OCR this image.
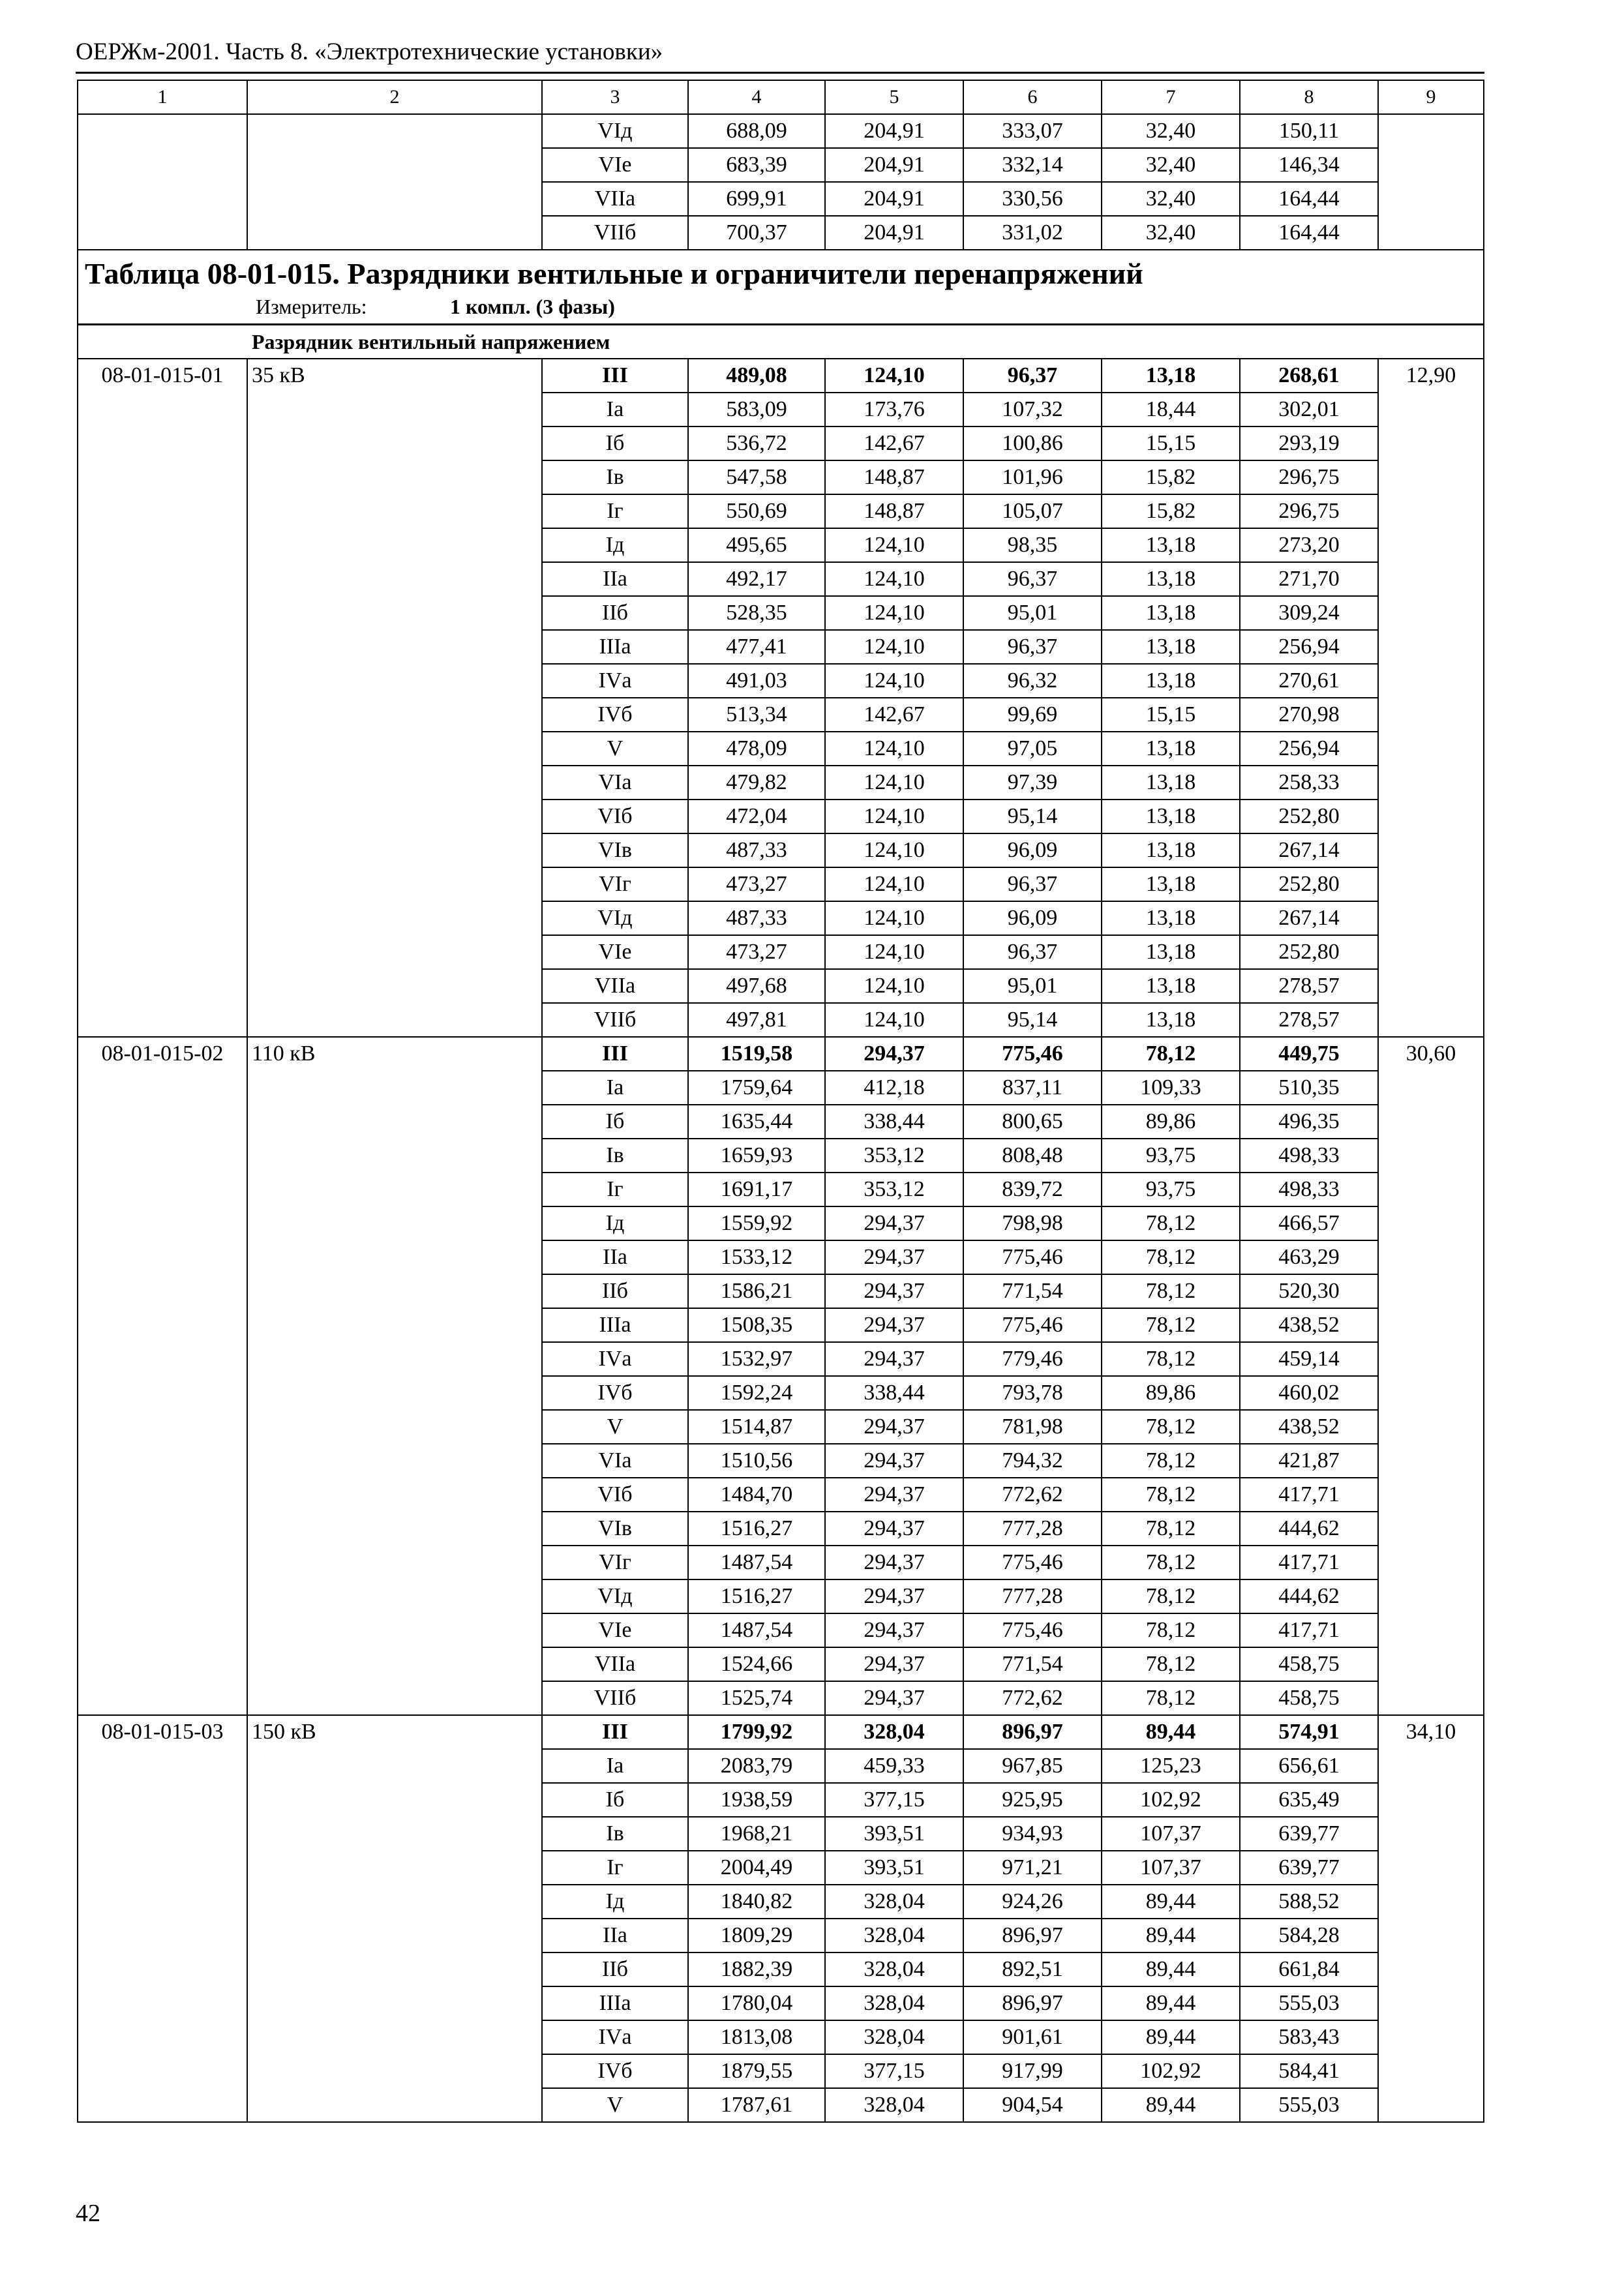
ОЕРЖм-2001. Часть 8. «Электротехнические установки»
1	2	3	4	5	6	7	8	9
		VIд	688,09	204,91	333,07	32,40	150,11	
		VIе	683,39	204,91	332,14	32,40	146,34	
		VIIа	699,91	204,91	330,56	32,40	164,44	
		VIIб	700,37	204,91	331,02	32,40	164,44	

Таблица 08-01-015. Разрядники вентильные и ограничители перенапряжений
Измеритель: 1 компл. (3 фазы)								

Разрядник вентильный напряжением								
08-01-015-01	35 кВ	III	489,08	124,10	96,37	13,18	268,61	12,90
		Iа	583,09	173,76	107,32	18,44	302,01	
		Iб	536,72	142,67	100,86	15,15	293,19	
		Iв	547,58	148,87	101,96	15,82	296,75	
		Iг	550,69	148,87	105,07	15,82	296,75	
		Iд	495,65	124,10	98,35	13,18	273,20	
		IIа	492,17	124,10	96,37	13,18	271,70	
		IIб	528,35	124,10	95,01	13,18	309,24	
		IIIа	477,41	124,10	96,37	13,18	256,94	
		IVа	491,03	124,10	96,32	13,18	270,61	
		IVб	513,34	142,67	99,69	15,15	270,98	
		V	478,09	124,10	97,05	13,18	256,94	
		VIа	479,82	124,10	97,39	13,18	258,33	
		VIб	472,04	124,10	95,14	13,18	252,80	
		VIв	487,33	124,10	96,09	13,18	267,14	
		VIг	473,27	124,10	96,37	13,18	252,80	
		VIд	487,33	124,10	96,09	13,18	267,14	
		VIе	473,27	124,10	96,37	13,18	252,80	
		VIIа	497,68	124,10	95,01	13,18	278,57	
		VIIб	497,81	124,10	95,14	13,18	278,57	
08-01-015-02	110 кВ	III	1519,58	294,37	775,46	78,12	449,75	30,60
		Iа	1759,64	412,18	837,11	109,33	510,35	
		Iб	1635,44	338,44	800,65	89,86	496,35	
		Iв	1659,93	353,12	808,48	93,75	498,33	
		Iг	1691,17	353,12	839,72	93,75	498,33	
		Iд	1559,92	294,37	798,98	78,12	466,57	
		IIа	1533,12	294,37	775,46	78,12	463,29	
		IIб	1586,21	294,37	771,54	78,12	520,30	
		IIIа	1508,35	294,37	775,46	78,12	438,52	
		IVа	1532,97	294,37	779,46	78,12	459,14	
		IVб	1592,24	338,44	793,78	89,86	460,02	
		V	1514,87	294,37	781,98	78,12	438,52	
		VIа	1510,56	294,37	794,32	78,12	421,87	
		VIб	1484,70	294,37	772,62	78,12	417,71	
		VIв	1516,27	294,37	777,28	78,12	444,62	
		VIг	1487,54	294,37	775,46	78,12	417,71	
		VIд	1516,27	294,37	777,28	78,12	444,62	
		VIе	1487,54	294,37	775,46	78,12	417,71	
		VIIа	1524,66	294,37	771,54	78,12	458,75	
		VIIб	1525,74	294,37	772,62	78,12	458,75	
08-01-015-03	150 кВ	III	1799,92	328,04	896,97	89,44	574,91	34,10
		Iа	2083,79	459,33	967,85	125,23	656,61	
		Iб	1938,59	377,15	925,95	102,92	635,49	
		Iв	1968,21	393,51	934,93	107,37	639,77	
		Iг	2004,49	393,51	971,21	107,37	639,77	
		Iд	1840,82	328,04	924,26	89,44	588,52	
		IIа	1809,29	328,04	896,97	89,44	584,28	
		IIб	1882,39	328,04	892,51	89,44	661,84	
		IIIа	1780,04	328,04	896,97	89,44	555,03	
		IVа	1813,08	328,04	901,61	89,44	583,43	
		IVб	1879,55	377,15	917,99	102,92	584,41	
		V	1787,61	328,04	904,54	89,44	555,03	
42
